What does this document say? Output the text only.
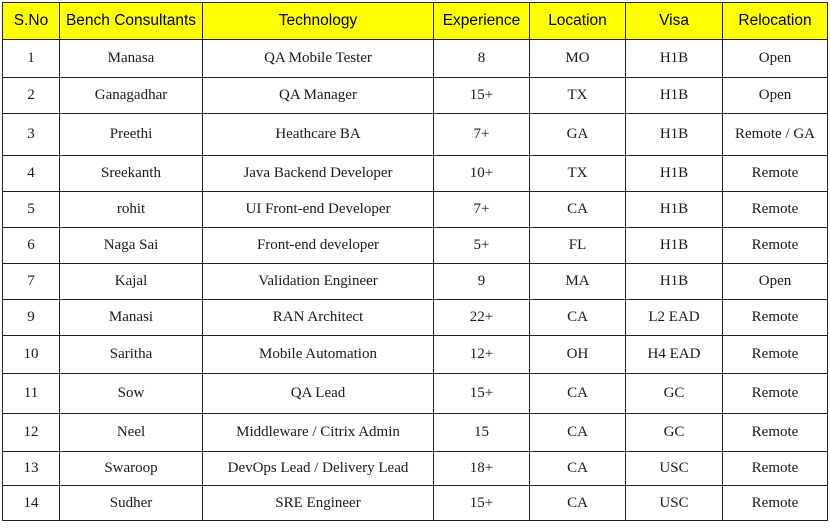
S.No	Bench Consultants	Technology	Experience	Location	Visa	Relocation
1	Manasa	QA Mobile Tester	8	MO	H1B	Open
2	Ganagadhar	QA Manager	15+	TX	H1B	Open
3	Preethi	Heathcare BA	7+	GA	H1B	Remote / GA
4	Sreekanth	Java Backend Developer	10+	TX	H1B	Remote
5	rohit	UI Front-end Developer	7+	CA	H1B	Remote
6	Naga Sai	Front-end developer	5+	FL	H1B	Remote
7	Kajal	Validation Engineer	9	MA	H1B	Open
9	Manasi	RAN Architect	22+	CA	L2 EAD	Remote
10	Saritha	Mobile Automation	12+	OH	H4 EAD	Remote
11	Sow	QA Lead	15+	CA	GC	Remote
12	Neel	Middleware / Citrix Admin	15	CA	GC	Remote
13	Swaroop	DevOps Lead / Delivery Lead	18+	CA	USC	Remote
14	Sudher	SRE Engineer	15+	CA	USC	Remote
